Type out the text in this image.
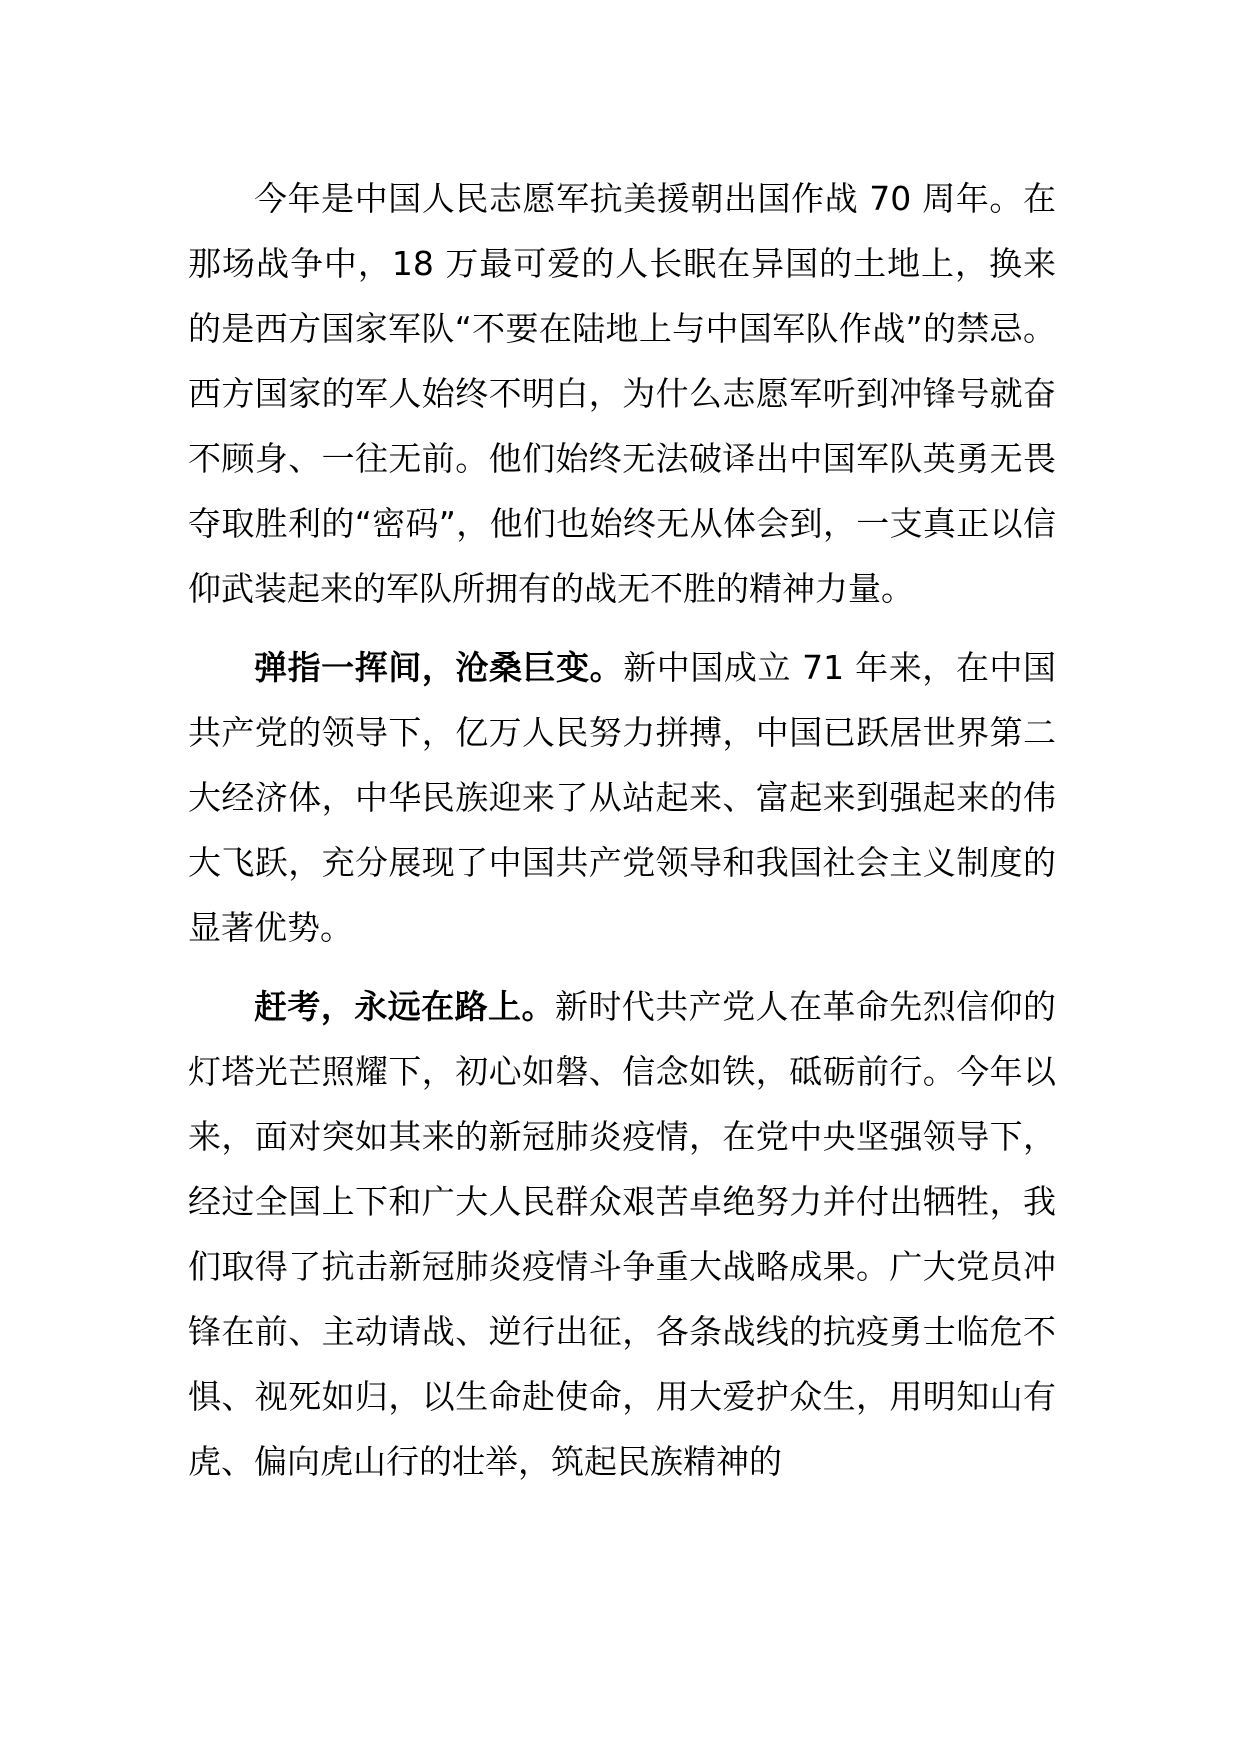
今年是中国人民志愿军抗美援朝出国作战 70 周年。在那场战争中，18 万最可爱的人长眠在异国的土地上，换来的是西方国家军队“不要在陆地上与中国军队作战”的禁忌。西方国家的军人始终不明白，为什么志愿军听到冲锋号就奋不顾身、一往无前。他们始终无法破译出中国军队英勇无畏夺取胜利的“密码”，他们也始终无从体会到，一支真正以信仰武装起来的军队所拥有的战无不胜的精神力量。

弹指一挥间，沧桑巨变。新中国成立 71 年来，在中国共产党的领导下，亿万人民努力拼搏，中国已跃居世界第二大经济体，中华民族迎来了从站起来、富起来到强起来的伟大飞跃，充分展现了中国共产党领导和我国社会主义制度的显著优势。

赶考，永远在路上。新时代共产党人在革命先烈信仰的灯塔光芒照耀下，初心如磐、信念如铁，砥砺前行。今年以来，面对突如其来的新冠肺炎疫情，在党中央坚强领导下，经过全国上下和广大人民群众艰苦卓绝努力并付出牺牲，我们取得了抗击新冠肺炎疫情斗争重大战略成果。广大党员冲锋在前、主动请战、逆行出征，各条战线的抗疫勇士临危不惧、视死如归，以生命赴使命，用大爱护众生，用明知山有虎、偏向虎山行的壮举，筑起民族精神的
